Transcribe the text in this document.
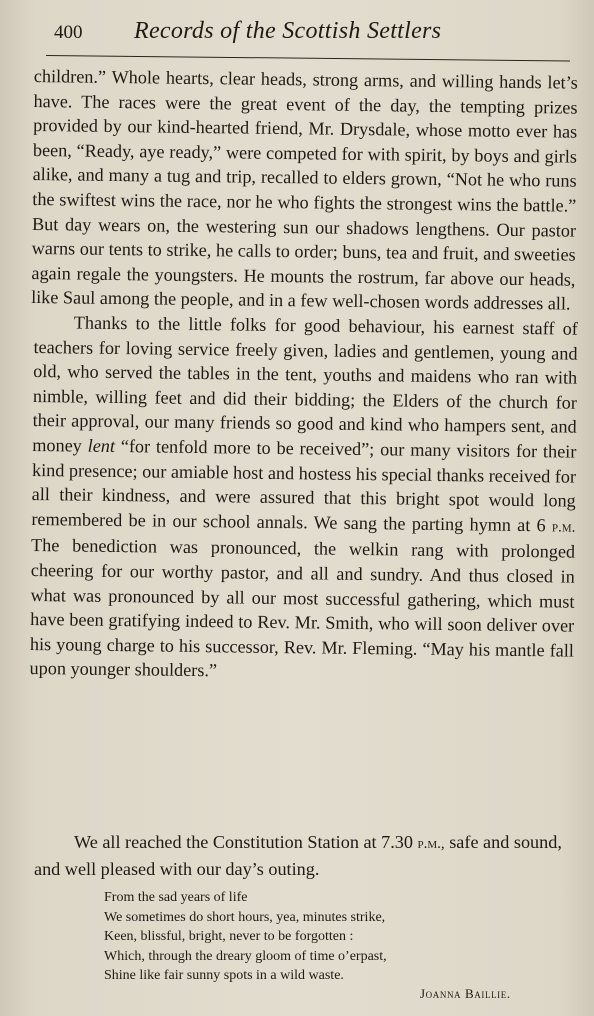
400 Records of the Scottish Settlers

children.” Whole hearts, clear heads, strong arms, and willing hands let’s have. The races were the great event of the day, the tempting prizes provided by our kind-hearted friend, Mr. Drysdale, whose motto ever has been, “Ready, aye ready,” were competed for with spirit, by boys and girls alike, and many a tug and trip, recalled to elders grown, “Not he who runs the swiftest wins the race, nor he who fights the strongest wins the battle.” But day wears on, the westering sun our shadows lengthens. Our pastor warns our tents to strike, he calls to order; buns, tea and fruit, and sweeties again regale the youngsters. He mounts the rostrum, far above our heads, like Saul among the people, and in a few well-chosen words addresses all.

Thanks to the little folks for good behaviour, his earnest staff of teachers for loving service freely given, ladies and gentlemen, young and old, who served the tables in the tent, youths and maidens who ran with nimble, willing feet and did their bidding; the Elders of the church for their approval, our many friends so good and kind who hampers sent, and money lent “for tenfold more to be received”; our many visitors for their kind presence; our amiable host and hostess his special thanks received for all their kindness, and were assured that this bright spot would long remembered be in our school annals. We sang the parting hymn at 6 p.m. The benediction was pronounced, the welkin rang with prolonged cheering for our worthy pastor, and all and sundry. And thus closed in what was pronounced by all our most successful gathering, which must have been gratifying indeed to Rev. Mr. Smith, who will soon deliver over his young charge to his successor, Rev. Mr. Fleming. “May his mantle fall upon younger shoulders.”

We all reached the Constitution Station at 7.30 p.m., safe and sound, and well pleased with our day’s outing.

From the sad years of life
We sometimes do short hours, yea, minutes strike,
Keen, blissful, bright, never to be forgotten :
Which, through the dreary gloom of time o’erpast,
Shine like fair sunny spots in a wild waste.
Joanna Baillie.
